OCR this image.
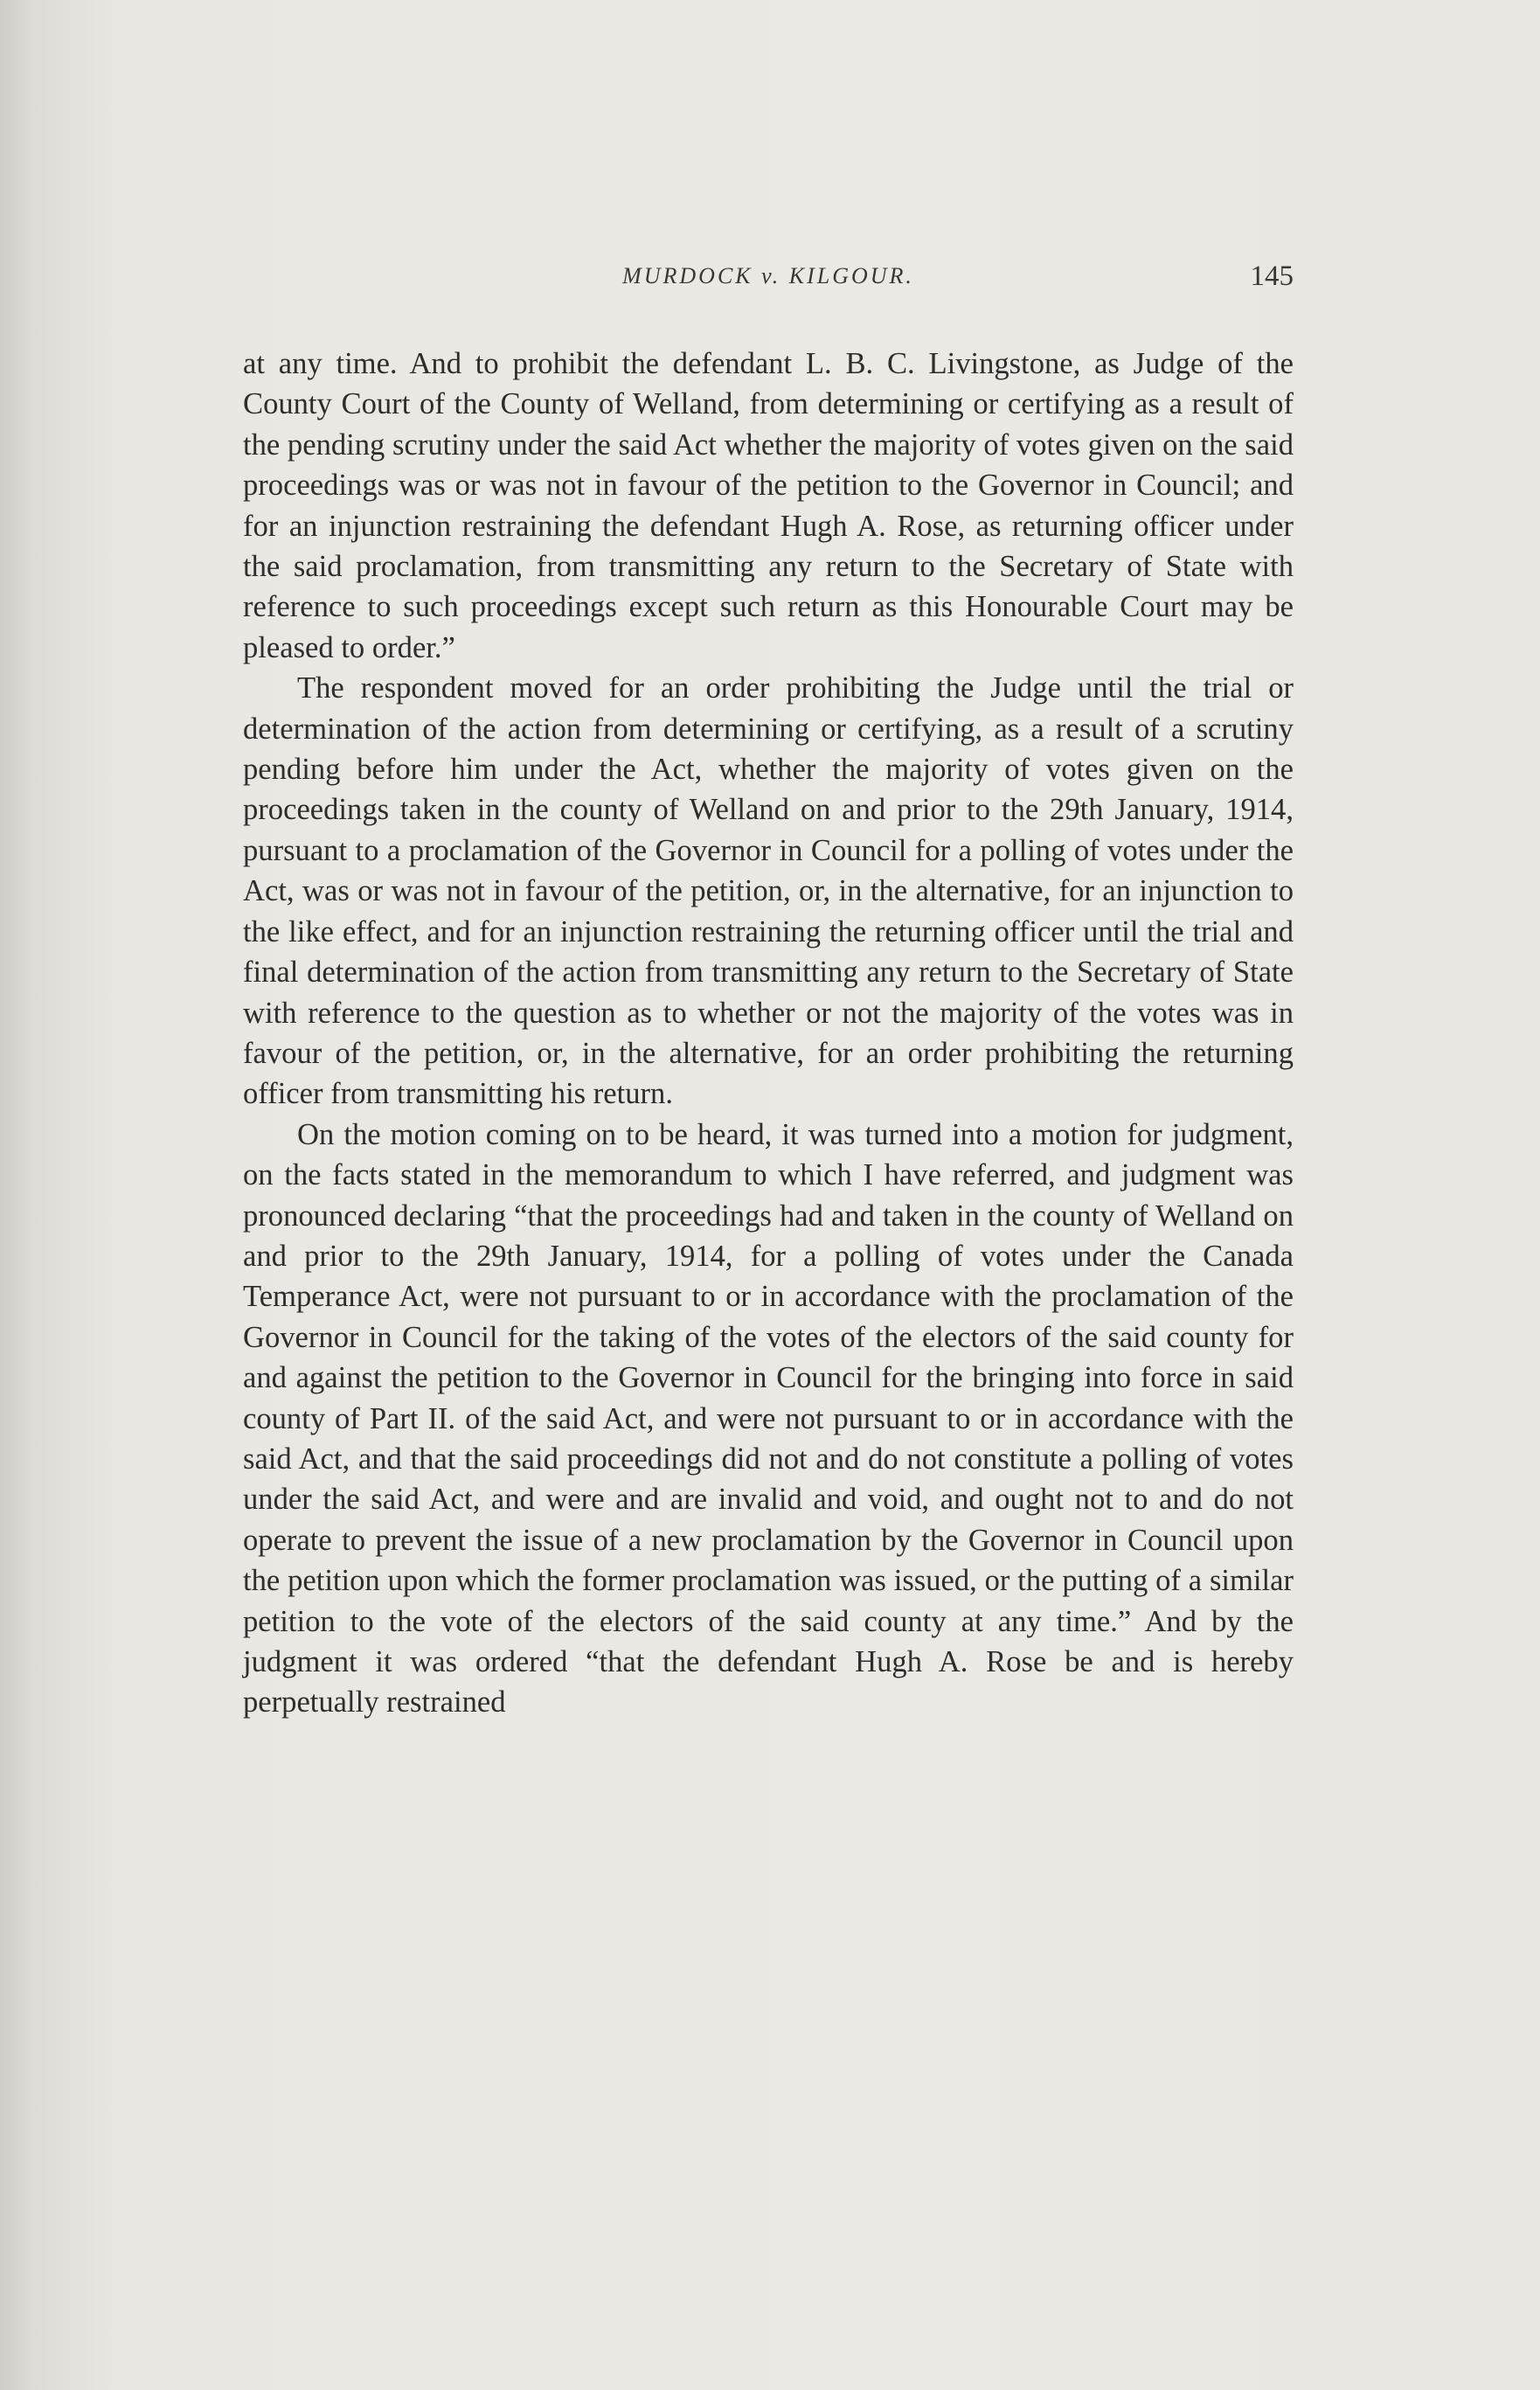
MURDOCK v. KILGOUR.	145

at any time. And to prohibit the defendant L. B. C. Livingstone, as Judge of the County Court of the County of Welland, from determining or certifying as a result of the pending scrutiny under the said Act whether the majority of votes given on the said proceedings was or was not in favour of the petition to the Governor in Council; and for an injunction restraining the defendant Hugh A. Rose, as returning officer under the said proclamation, from transmitting any return to the Secretary of State with reference to such proceedings except such return as this Honourable Court may be pleased to order.”

The respondent moved for an order prohibiting the Judge until the trial or determination of the action from determining or certifying, as a result of a scrutiny pending before him under the Act, whether the majority of votes given on the proceedings taken in the county of Welland on and prior to the 29th January, 1914, pursuant to a proclamation of the Governor in Council for a polling of votes under the Act, was or was not in favour of the petition, or, in the alternative, for an injunction to the like effect, and for an injunction restraining the returning officer until the trial and final determination of the action from transmitting any return to the Secretary of State with reference to the question as to whether or not the majority of the votes was in favour of the petition, or, in the alternative, for an order prohibiting the returning officer from transmitting his return.

On the motion coming on to be heard, it was turned into a motion for judgment, on the facts stated in the memorandum to which I have referred, and judgment was pronounced declaring “that the proceedings had and taken in the county of Welland on and prior to the 29th January, 1914, for a polling of votes under the Canada Temperance Act, were not pursuant to or in accordance with the proclamation of the Governor in Council for the taking of the votes of the electors of the said county for and against the petition to the Governor in Council for the bringing into force in said county of Part II. of the said Act, and were not pursuant to or in accordance with the said Act, and that the said proceedings did not and do not constitute a polling of votes under the said Act, and were and are invalid and void, and ought not to and do not operate to prevent the issue of a new proclamation by the Governor in Council upon the petition upon which the former proclamation was issued, or the putting of a similar petition to the vote of the electors of the said county at any time.” And by the judgment it was ordered “that the defendant Hugh A. Rose be and is hereby perpetually restrained
